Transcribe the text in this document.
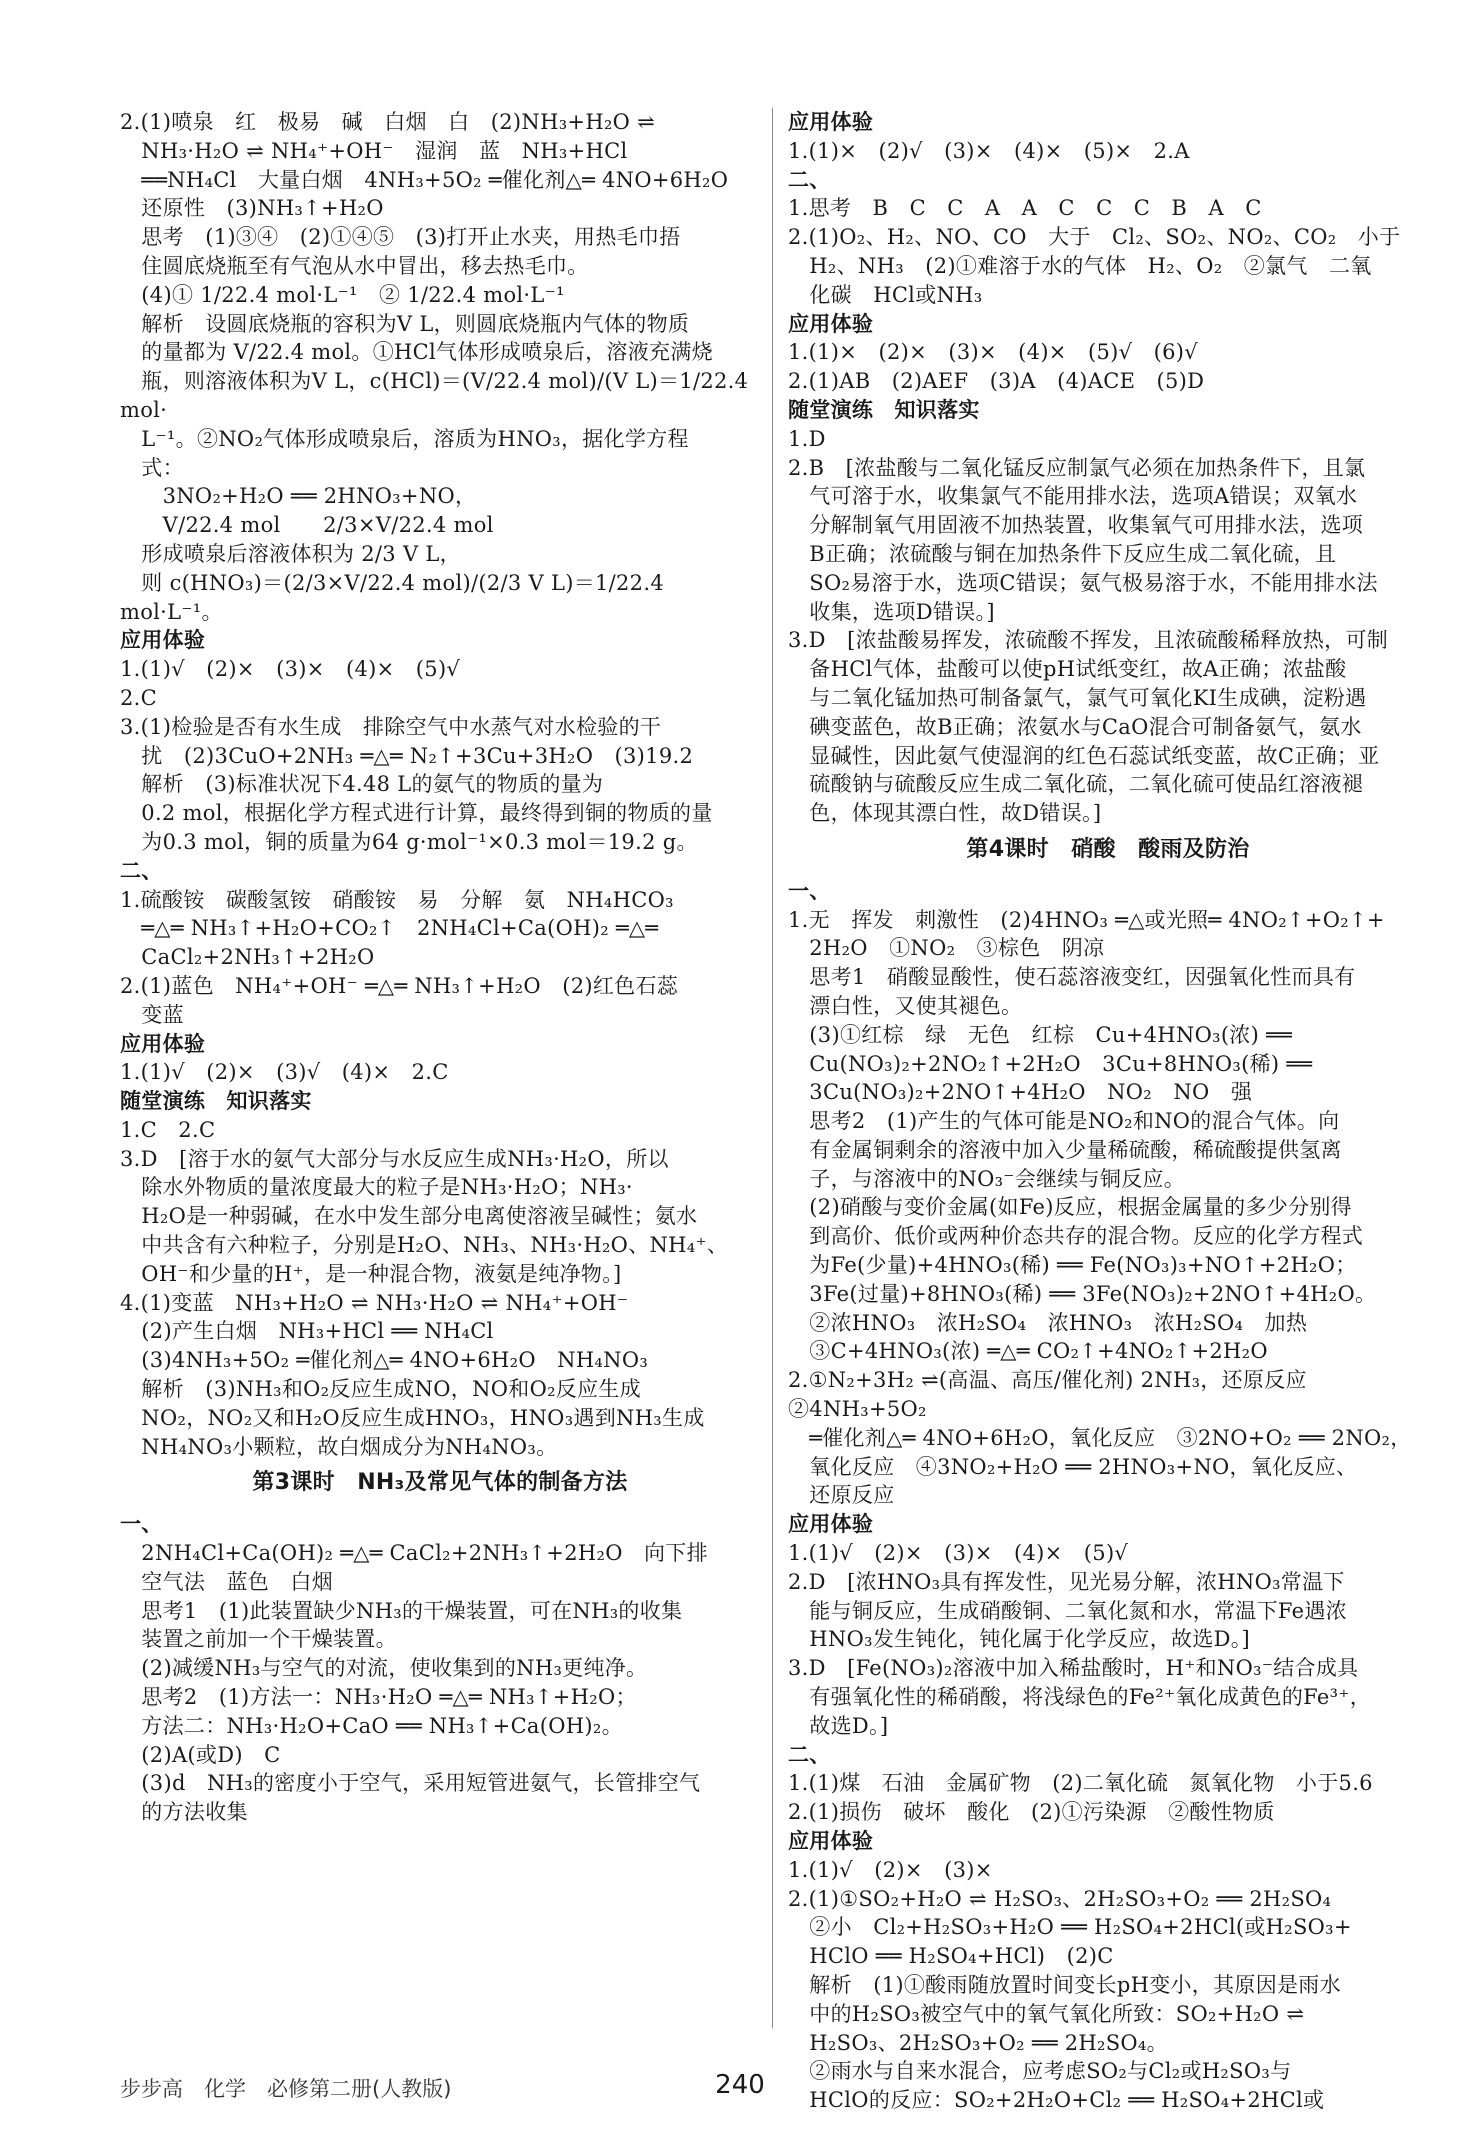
2.(1)喷泉　红　极易　碱　白烟　白　(2)NH₃+H₂O ⇌
　NH₃·H₂O ⇌ NH₄⁺+OH⁻　湿润　蓝　NH₃+HCl
　══NH₄Cl　大量白烟　4NH₃+5O₂ ═催化剂△═ 4NO+6H₂O
　还原性　(3)NH₃↑+H₂O
　思考　(1)③④　(2)①④⑤　(3)打开止水夹，用热毛巾捂
　住圆底烧瓶至有气泡从水中冒出，移去热毛巾。
　(4)① 1/22.4 mol·L⁻¹　② 1/22.4 mol·L⁻¹
　解析　设圆底烧瓶的容积为V L，则圆底烧瓶内气体的物质
　的量都为 V/22.4 mol。①HCl气体形成喷泉后，溶液充满烧
　瓶，则溶液体积为V L，c(HCl)＝(V/22.4 mol)/(V L)＝1/22.4 mol·
　L⁻¹。②NO₂气体形成喷泉后，溶质为HNO₃，据化学方程
　式：
　　3NO₂+H₂O ══ 2HNO₃+NO，
　　V/22.4 mol　　2/3×V/22.4 mol
　形成喷泉后溶液体积为 2/3 V L，
　则 c(HNO₃)＝(2/3×V/22.4 mol)/(2/3 V L)＝1/22.4 mol·L⁻¹。
应用体验
1.(1)√　(2)×　(3)×　(4)×　(5)√
2.C
3.(1)检验是否有水生成　排除空气中水蒸气对水检验的干
　扰　(2)3CuO+2NH₃ ═△═ N₂↑+3Cu+3H₂O　(3)19.2
　解析　(3)标准状况下4.48 L的氨气的物质的量为
　0.2 mol，根据化学方程式进行计算，最终得到铜的物质的量
　为0.3 mol，铜的质量为64 g·mol⁻¹×0.3 mol＝19.2 g。
二、
1.硫酸铵　碳酸氢铵　硝酸铵　易　分解　氨　NH₄HCO₃
　═△═ NH₃↑+H₂O+CO₂↑　2NH₄Cl+Ca(OH)₂ ═△═
　CaCl₂+2NH₃↑+2H₂O
2.(1)蓝色　NH₄⁺+OH⁻ ═△═ NH₃↑+H₂O　(2)红色石蕊
　变蓝
应用体验
1.(1)√　(2)×　(3)√　(4)×　2.C
随堂演练　知识落实
1.C　2.C
3.D　[溶于水的氨气大部分与水反应生成NH₃·H₂O，所以
　除水外物质的量浓度最大的粒子是NH₃·H₂O；NH₃·
　H₂O是一种弱碱，在水中发生部分电离使溶液呈碱性；氨水
　中共含有六种粒子，分别是H₂O、NH₃、NH₃·H₂O、NH₄⁺、
　OH⁻和少量的H⁺，是一种混合物，液氨是纯净物。]
4.(1)变蓝　NH₃+H₂O ⇌ NH₃·H₂O ⇌ NH₄⁺+OH⁻
　(2)产生白烟　NH₃+HCl ══ NH₄Cl
　(3)4NH₃+5O₂ ═催化剂△═ 4NO+6H₂O　NH₄NO₃
　解析　(3)NH₃和O₂反应生成NO，NO和O₂反应生成
　NO₂，NO₂又和H₂O反应生成HNO₃，HNO₃遇到NH₃生成
　NH₄NO₃小颗粒，故白烟成分为NH₄NO₃。
第3课时　NH₃及常见气体的制备方法
一、
　2NH₄Cl+Ca(OH)₂ ═△═ CaCl₂+2NH₃↑+2H₂O　向下排
　空气法　蓝色　白烟
　思考1　(1)此装置缺少NH₃的干燥装置，可在NH₃的收集
　装置之前加一个干燥装置。
　(2)减缓NH₃与空气的对流，使收集到的NH₃更纯净。
　思考2　(1)方法一：NH₃·H₂O ═△═ NH₃↑+H₂O；
　方法二：NH₃·H₂O+CaO ══ NH₃↑+Ca(OH)₂。
　(2)A(或D)　C
　(3)d　NH₃的密度小于空气，采用短管进氨气，长管排空气
　的方法收集
应用体验
1.(1)×　(2)√　(3)×　(4)×　(5)×　2.A
二、
1.思考　B　C　C　A　A　C　C　C　B　A　C
2.(1)O₂、H₂、NO、CO　大于　Cl₂、SO₂、NO₂、CO₂　小于
　H₂、NH₃　(2)①难溶于水的气体　H₂、O₂　②氯气　二氧
　化碳　HCl或NH₃
应用体验
1.(1)×　(2)×　(3)×　(4)×　(5)√　(6)√
2.(1)AB　(2)AEF　(3)A　(4)ACE　(5)D
随堂演练　知识落实
1.D
2.B　[浓盐酸与二氧化锰反应制氯气必须在加热条件下，且氯
　气可溶于水，收集氯气不能用排水法，选项A错误；双氧水
　分解制氧气用固液不加热装置，收集氧气可用排水法，选项
　B正确；浓硫酸与铜在加热条件下反应生成二氧化硫，且
　SO₂易溶于水，选项C错误；氨气极易溶于水，不能用排水法
　收集，选项D错误。]
3.D　[浓盐酸易挥发，浓硫酸不挥发，且浓硫酸稀释放热，可制
　备HCl气体，盐酸可以使pH试纸变红，故A正确；浓盐酸
　与二氧化锰加热可制备氯气，氯气可氧化KI生成碘，淀粉遇
　碘变蓝色，故B正确；浓氨水与CaO混合可制备氨气，氨水
　显碱性，因此氨气使湿润的红色石蕊试纸变蓝，故C正确；亚
　硫酸钠与硫酸反应生成二氧化硫，二氧化硫可使品红溶液褪
　色，体现其漂白性，故D错误。]
第4课时　硝酸　酸雨及防治
一、
1.无　挥发　刺激性　(2)4HNO₃ ═△或光照═ 4NO₂↑+O₂↑+
　2H₂O　①NO₂　③棕色　阴凉
　思考1　硝酸显酸性，使石蕊溶液变红，因强氧化性而具有
　漂白性，又使其褪色。
　(3)①红棕　绿　无色　红棕　Cu+4HNO₃(浓) ══
　Cu(NO₃)₂+2NO₂↑+2H₂O　3Cu+8HNO₃(稀) ══
　3Cu(NO₃)₂+2NO↑+4H₂O　NO₂　NO　强
　思考2　(1)产生的气体可能是NO₂和NO的混合气体。向
　有金属铜剩余的溶液中加入少量稀硫酸，稀硫酸提供氢离
　子，与溶液中的NO₃⁻会继续与铜反应。
　(2)硝酸与变价金属(如Fe)反应，根据金属量的多少分别得
　到高价、低价或两种价态共存的混合物。反应的化学方程式
　为Fe(少量)+4HNO₃(稀) ══ Fe(NO₃)₃+NO↑+2H₂O；
　3Fe(过量)+8HNO₃(稀) ══ 3Fe(NO₃)₂+2NO↑+4H₂O。
　②浓HNO₃　浓H₂SO₄　浓HNO₃　浓H₂SO₄　加热
　③C+4HNO₃(浓) ═△═ CO₂↑+4NO₂↑+2H₂O
2.①N₂+3H₂ ⇌(高温、高压/催化剂) 2NH₃，还原反应　②4NH₃+5O₂
　═催化剂△═ 4NO+6H₂O，氧化反应　③2NO+O₂ ══ 2NO₂，
　氧化反应　④3NO₂+H₂O ══ 2HNO₃+NO，氧化反应、
　还原反应
应用体验
1.(1)√　(2)×　(3)×　(4)×　(5)√
2.D　[浓HNO₃具有挥发性，见光易分解，浓HNO₃常温下
　能与铜反应，生成硝酸铜、二氧化氮和水，常温下Fe遇浓
　HNO₃发生钝化，钝化属于化学反应，故选D。]
3.D　[Fe(NO₃)₂溶液中加入稀盐酸时，H⁺和NO₃⁻结合成具
　有强氧化性的稀硝酸，将浅绿色的Fe²⁺氧化成黄色的Fe³⁺，
　故选D。]
二、
1.(1)煤　石油　金属矿物　(2)二氧化硫　氮氧化物　小于5.6
2.(1)损伤　破坏　酸化　(2)①污染源　②酸性物质
应用体验
1.(1)√　(2)×　(3)×
2.(1)①SO₂+H₂O ⇌ H₂SO₃、2H₂SO₃+O₂ ══ 2H₂SO₄
　②小　Cl₂+H₂SO₃+H₂O ══ H₂SO₄+2HCl(或H₂SO₃+
　HClO ══ H₂SO₄+HCl)　(2)C
　解析　(1)①酸雨随放置时间变长pH变小，其原因是雨水
　中的H₂SO₃被空气中的氧气氧化所致：SO₂+H₂O ⇌
　H₂SO₃、2H₂SO₃+O₂ ══ 2H₂SO₄。
　②雨水与自来水混合，应考虑SO₂与Cl₂或H₂SO₃与
　HClO的反应：SO₂+2H₂O+Cl₂ ══ H₂SO₄+2HCl或
步步高　化学　必修第二册(人教版)	240
